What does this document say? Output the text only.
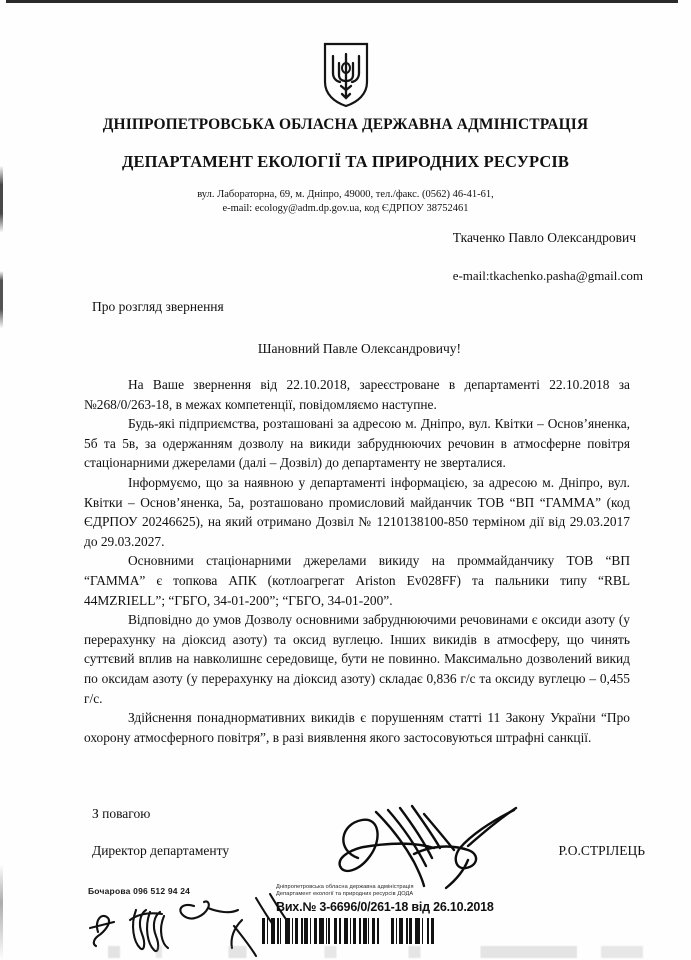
ДНІПРОПЕТРОВСЬКА ОБЛАСНА ДЕРЖАВНА АДМІНІСТРАЦІЯ
ДЕПАРТАМЕНТ ЕКОЛОГІЇ ТА ПРИРОДНИХ РЕСУРСІВ
вул. Лабораторна, 69, м. Дніпро, 49000, тел./факс. (0562) 46-41-61,
e-mail: ecology@adm.dp.gov.ua, код ЄДРПОУ 38752461
Ткаченко Павло Олександрович
e-mail:tkachenko.pasha@gmail.com
Про розгляд звернення
Шановний Павле Олександровичу!

На Ваше звернення від 22.10.2018, зареєстроване в департаменті 22.10.2018 за №268/0/263-18, в межах компетенції, повідомляємо наступне.

Будь-які підприємства, розташовані за адресою м. Дніпро, вул. Квітки – Основ’яненка, 5б та 5в, за одержанням дозволу на викиди забруднюючих речовин в атмосферне повітря стаціонарними джерелами (далі – Дозвіл) до департаменту не зверталися.

Інформуємо, що за наявною у департаменті інформацією, за адресою м. Дніпро, вул. Квітки – Основ’яненка, 5а, розташовано промисловий майданчик ТОВ “ВП “ГАММА” (код ЄДРПОУ 20246625), на який отримано Дозвіл № 1210138100-850 терміном дії від 29.03.2017 до 29.03.2027.

Основними стаціонарними джерелами викиду на проммайданчику ТОВ “ВП “ГАММА” є топкова АПК (котлоагрегат Ariston Ev028FF) та пальники типу “RBL 44MZRIELL”; “ГБГО, 34-01-200”; “ГБГО, 34-01-200”.

Відповідно до умов Дозволу основними забруднюючими речовинами є оксиди азоту (у перерахунку на діоксид азоту) та оксид вуглецю. Інших викидів в атмосферу, що чинять суттєвий вплив на навколишнє середовище, бути не повинно. Максимально дозволений викид по оксидам азоту (у перерахунку на діоксид азоту) складає 0,836 г/с та оксиду вуглецю – 0,455 г/с.

Здійснення понаднормативних викидів є порушенням статті 11 Закону України “Про охорону атмосферного повітря”, в разі виявлення якого застосовуються штрафні санкції.

З повагою
Директор департаменту	Р.О.СТРІЛЕЦЬ
Бочарова 096 512 94 24	Дніпропетровська обласна державна адміністрація
Департамент екології та природних ресурсів ДОДА
Вих.№ 3-6696/0/261-18 від 26.10.2018
